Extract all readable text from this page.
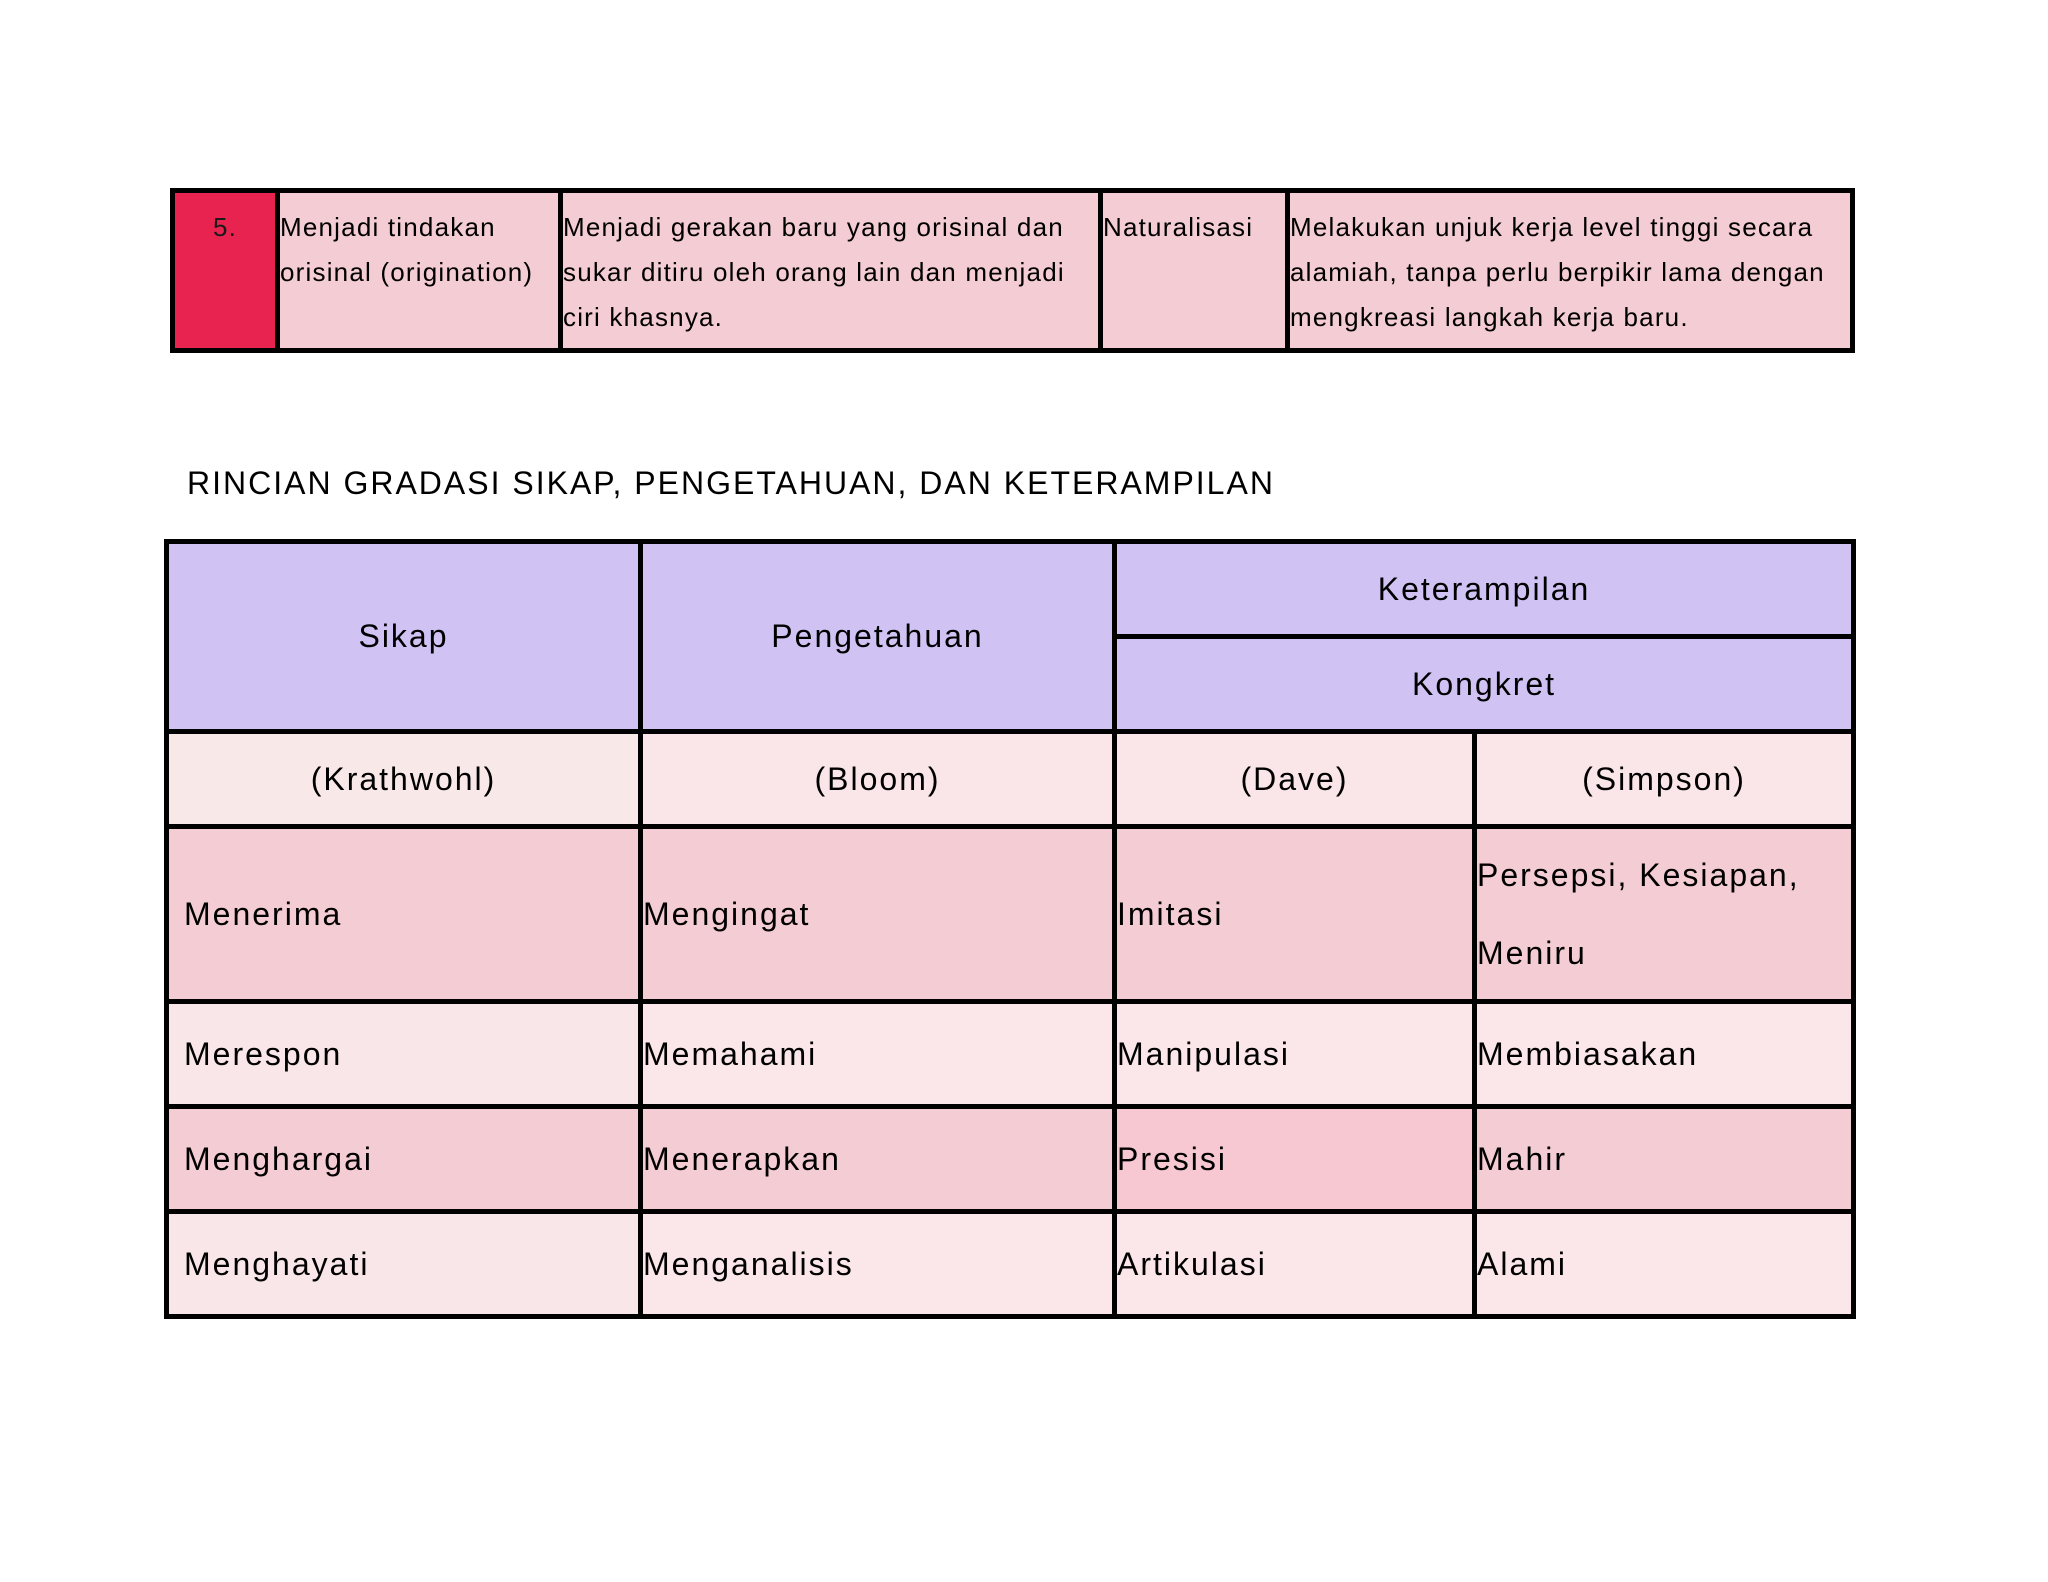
5.	Menjadi tindakan orisinal (origination)	Menjadi gerakan baru yang orisinal dan sukar ditiru oleh orang lain dan menjadi ciri khasnya.	Naturalisasi	Melakukan unjuk kerja level tinggi secara alamiah, tanpa perlu berpikir lama dengan mengkreasi langkah kerja baru.
RINCIAN GRADASI SIKAP, PENGETAHUAN, DAN KETERAMPILAN
Sikap	Pengetahuan	Keterampilan	
		Kongkret	
(Krathwohl)	(Bloom)	(Dave)	(Simpson)
Menerima	Mengingat	Imitasi	Persepsi, Kesiapan, Meniru
Merespon	Memahami	Manipulasi	Membiasakan
Menghargai	Menerapkan	Presisi	Mahir
Menghayati	Menganalisis	Artikulasi	Alami
